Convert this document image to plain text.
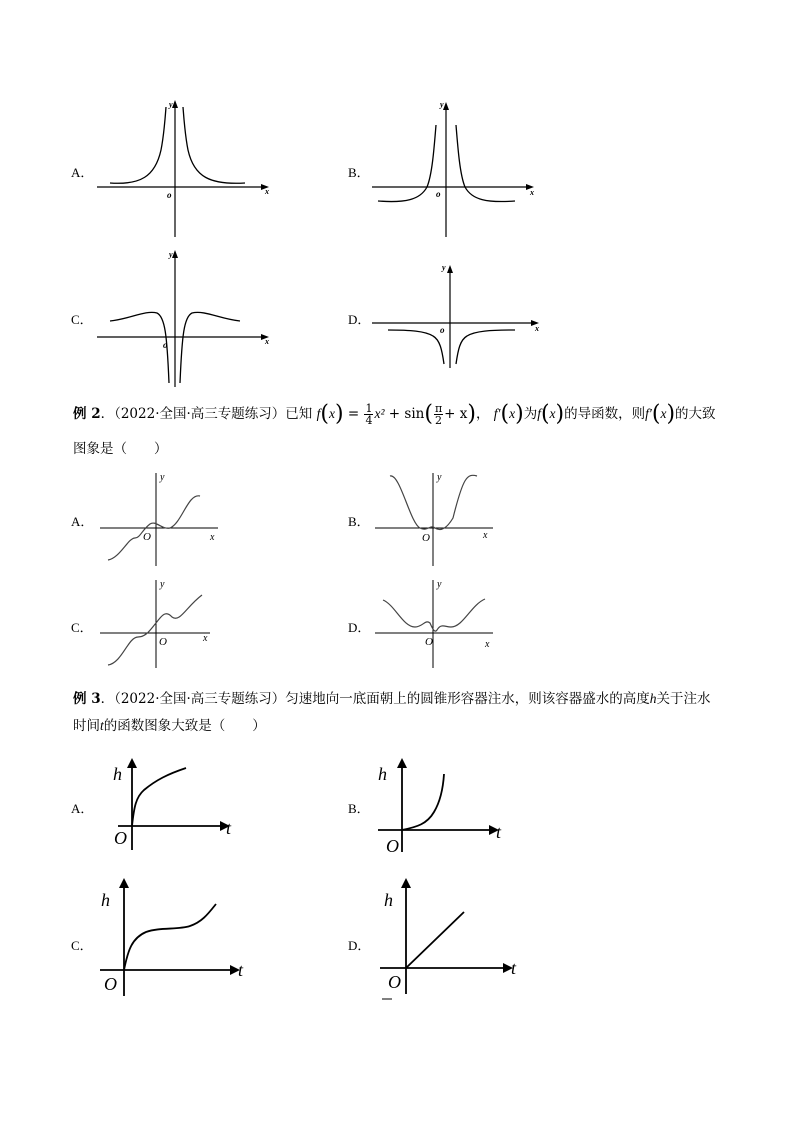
A．	B．
C．	D．
o	x
y
o	x
y
o	x
y
o	x
y
例 2．（2022·全国·高三专题练习）已知 $f(x) = \frac{1}{4} x^2 + \sin( \frac{\pi}{2} + x)$， f′(x)为f(x)的导函数，则f′(x)的大致
图象是（　　）
A．	B．
C．	D．
O	x
y
O	x
y
O	x
y
O	x
y
例 3．（2022·全国·高三专题练习）匀速地向一底面朝上的圆锥形容器注水，则该容器盛水的高度h关于注水
时间t的函数图象大致是（　　）
A．	B．
C．	D．
O	t
h
O
t
h
O
t
h
O
t
h
